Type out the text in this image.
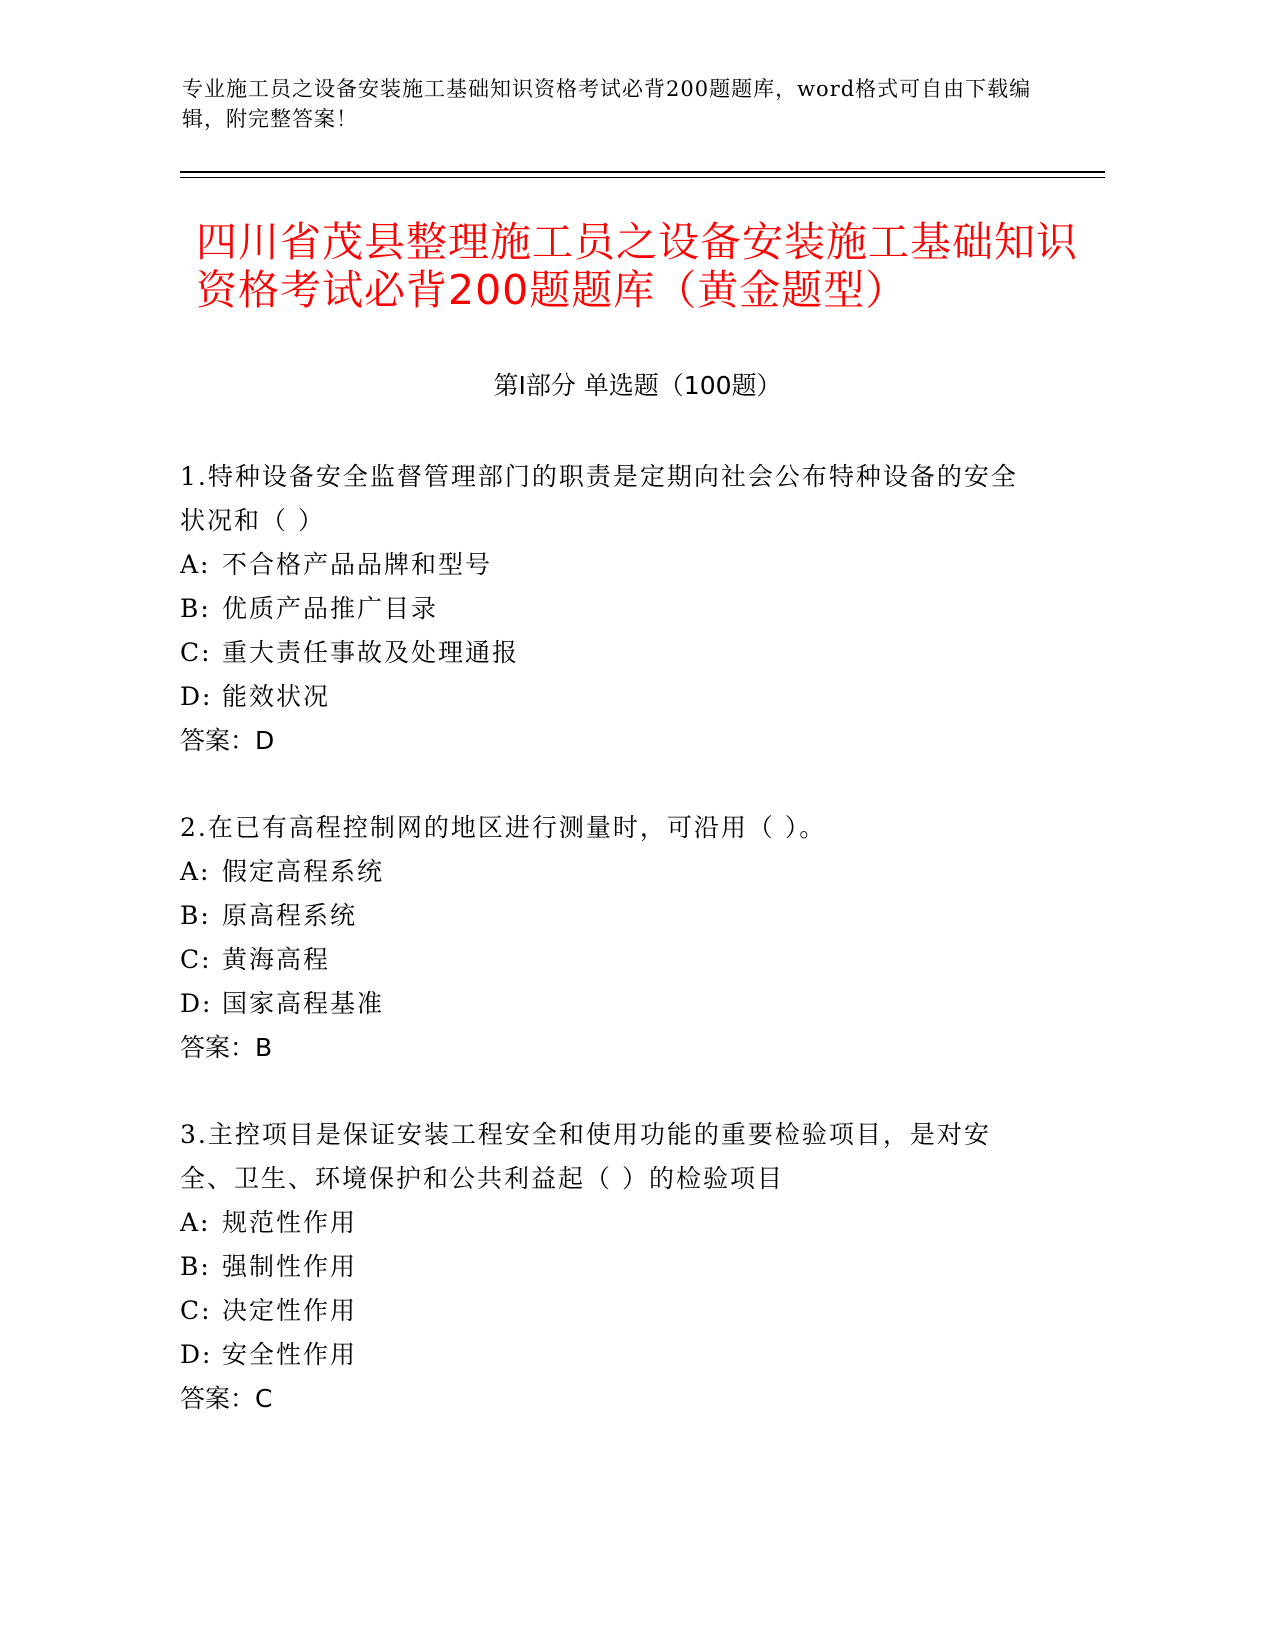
专业施工员之设备安装施工基础知识资格考试必背200题题库，word格式可自由下载编辑，附完整答案！
四川省茂县整理施工员之设备安装施工基础知识资格考试必背200题题库（黄金题型）
第Ⅰ部分 单选题（100题）
1.特种设备安全监督管理部门的职责是定期向社会公布特种设备的安全状况和（ ）
A: 不合格产品品牌和型号
B: 优质产品推广目录
C: 重大责任事故及处理通报
D: 能效状况
答案：D
2.在已有高程控制网的地区进行测量时，可沿用（ ）。
A: 假定高程系统
B: 原高程系统
C: 黄海高程
D: 国家高程基准
答案：B
3.主控项目是保证安装工程安全和使用功能的重要检验项目，是对安全、卫生、环境保护和公共利益起（ ）的检验项目
A: 规范性作用
B: 强制性作用
C: 决定性作用
D: 安全性作用
答案：C
